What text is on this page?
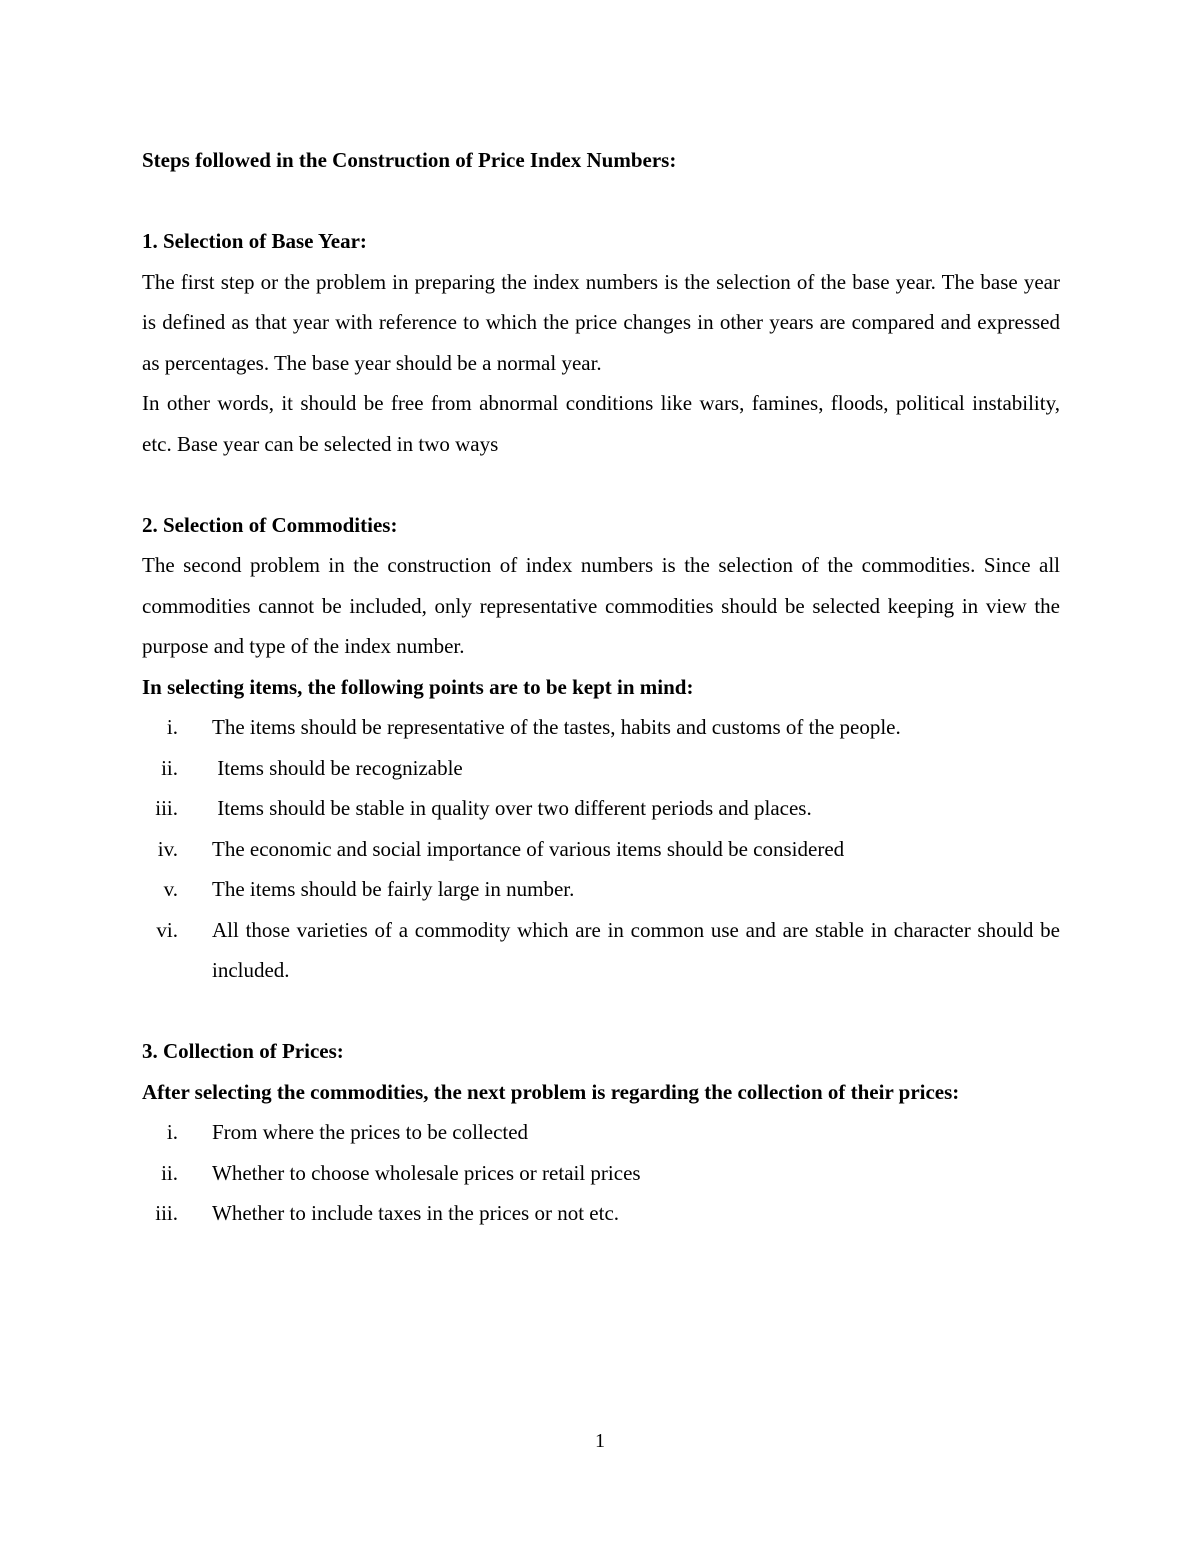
Steps followed in the Construction of Price Index Numbers:
1. Selection of Base Year:
The first step or the problem in preparing the index numbers is the selection of the base year. The base year is defined as that year with reference to which the price changes in other years are compared and expressed as percentages. The base year should be a normal year.
In other words, it should be free from abnormal conditions like wars, famines, floods, political instability, etc. Base year can be selected in two ways
2. Selection of Commodities:
The second problem in the construction of index numbers is the selection of the commodities. Since all commodities cannot be included, only representative commodities should be selected keeping in view the purpose and type of the index number.
In selecting items, the following points are to be kept in mind:
i. The items should be representative of the tastes, habits and customs of the people.
ii. Items should be recognizable
iii. Items should be stable in quality over two different periods and places.
iv. The economic and social importance of various items should be considered
v. The items should be fairly large in number.
vi. All those varieties of a commodity which are in common use and are stable in character should be included.
3. Collection of Prices:
After selecting the commodities, the next problem is regarding the collection of their prices:
i. From where the prices to be collected
ii. Whether to choose wholesale prices or retail prices
iii. Whether to include taxes in the prices or not etc.
1
